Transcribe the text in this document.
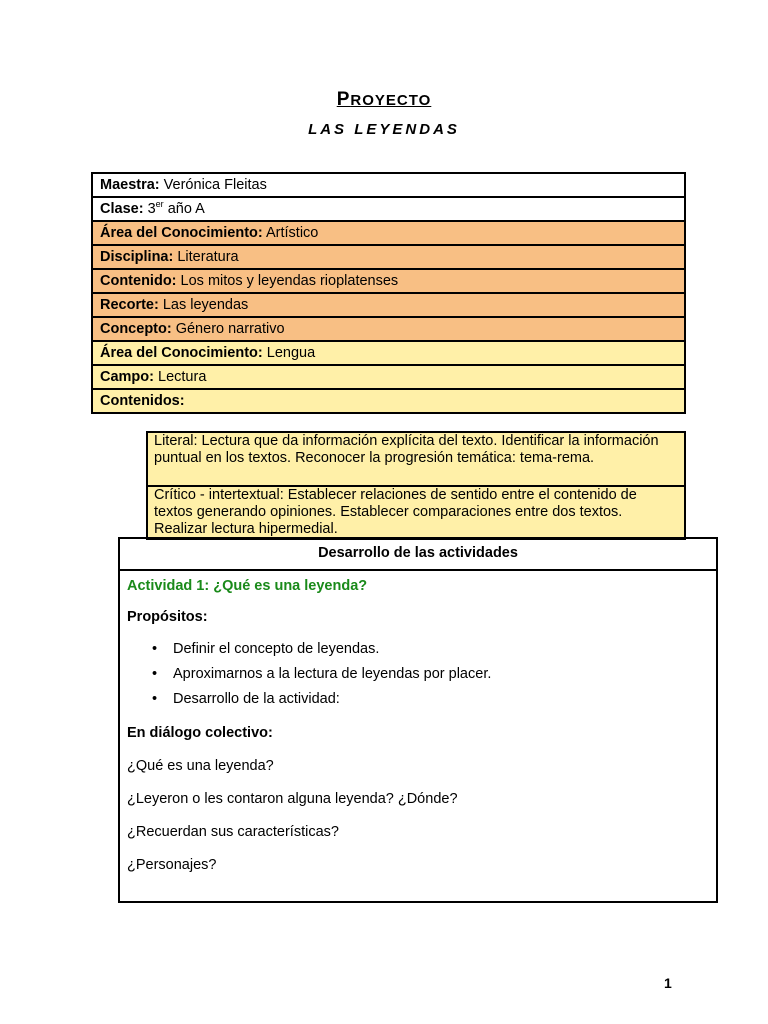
PROYECTO
LAS LEYENDAS
Maestra: Verónica Fleitas
Clase: 3er año A
Área del Conocimiento: Artístico
Disciplina: Literatura
Contenido: Los mitos y leyendas rioplatenses
Recorte: Las leyendas
Concepto: Género narrativo
Área del Conocimiento: Lengua
Campo: Lectura
Contenidos:
Literal: Lectura que da información explícita del texto. Identificar la información puntual en los textos. Reconocer la progresión temática: tema-rema.
Crítico - intertextual: Establecer relaciones de sentido entre el contenido de textos generando opiniones. Establecer comparaciones entre dos textos. Realizar lectura hipermedial.
Desarrollo de las actividades

Actividad 1: ¿Qué es una leyenda?

Propósitos:

• Definir el concepto de leyendas.
• Aproximarnos a la lectura de leyendas por placer.
• Desarrollo de la actividad:

En diálogo colectivo:

¿Qué es una leyenda?

¿Leyeron o les contaron alguna leyenda? ¿Dónde?

¿Recuerdan sus características?

¿Personajes?

1
